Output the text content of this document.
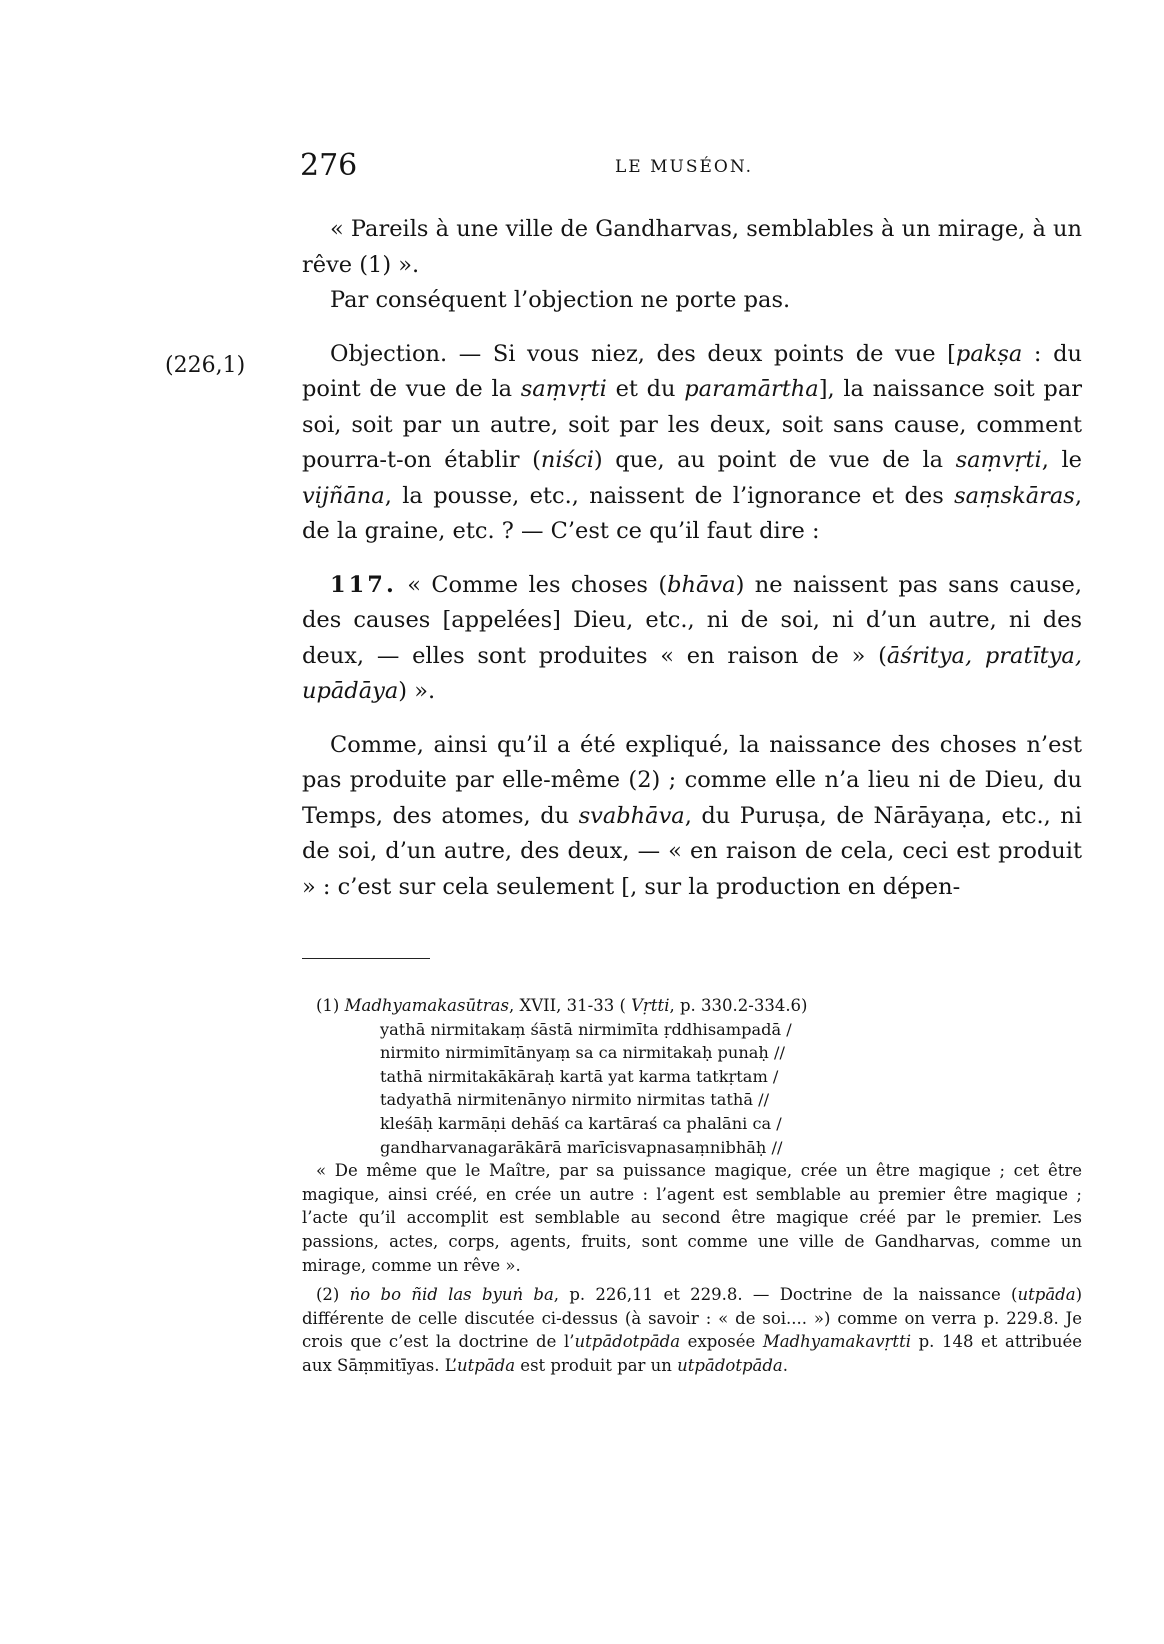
276	LE MUSÉON.
(226,1)

« Pareils à une ville de Gandharvas, semblables à un mirage, à un rêve (1) ».

Par conséquent l’objection ne porte pas.

Objection. — Si vous niez, des deux points de vue [pakṣa : du point de vue de la saṃvṛti et du paramārtha], la naissance soit par soi, soit par un autre, soit par les deux, soit sans cause, comment pourra-t-on établir (niści) que, au point de vue de la saṃvṛti, le vijñāna, la pousse, etc., naissent de l’ignorance et des saṃskāras, de la graine, etc. ? — C’est ce qu’il faut dire :

117. « Comme les choses (bhāva) ne naissent pas sans cause, des causes [appelées] Dieu, etc., ni de soi, ni d’un autre, ni des deux, — elles sont produites « en raison de » (āśritya, pratītya, upādāya) ».

Comme, ainsi qu’il a été expliqué, la naissance des choses n’est pas produite par elle-même (2) ; comme elle n’a lieu ni de Dieu, du Temps, des atomes, du svabhāva, du Puruṣa, de Nārāyaṇa, etc., ni de soi, d’un autre, des deux, — « en raison de cela, ceci est produit » : c’est sur cela seulement [, sur la production en dépen-

(1) Madhyamakasūtras, XVII, 31-33 ( Vṛtti, p. 330.2-334.6)

yathā nirmitakaṃ śāstā nirmimīta ṛddhisampadā /

nirmito nirmimītānyaṃ sa ca nirmitakaḥ punaḥ //

tathā nirmitakākāraḥ kartā yat karma tatkṛtam /

tadyathā nirmitenānyo nirmito nirmitas tathā //

kleśāḥ karmāṇi dehāś ca kartāraś ca phalāni ca /

gandharvanagarākārā marīcisvapnasaṃnibhāḥ //

« De même que le Maître, par sa puissance magique, crée un être magique ; cet être magique, ainsi créé, en crée un autre : l’agent est semblable au premier être magique ; l’acte qu’il accomplit est semblable au second être magique créé par le premier. Les passions, actes, corps, agents, fruits, sont comme une ville de Gandharvas, comme un mirage, comme un rêve ».

(2) ṅo bo ñid las byuṅ ba, p. 226,11 et 229.8. — Doctrine de la naissance (utpāda) différente de celle discutée ci-dessus (à savoir : « de soi.... ») comme on verra p. 229.8. Je crois que c’est la doctrine de l’utpādotpāda exposée Madhyamakavṛtti p. 148 et attribuée aux Sāṃmitīyas. L’utpāda est produit par un utpādotpāda.
